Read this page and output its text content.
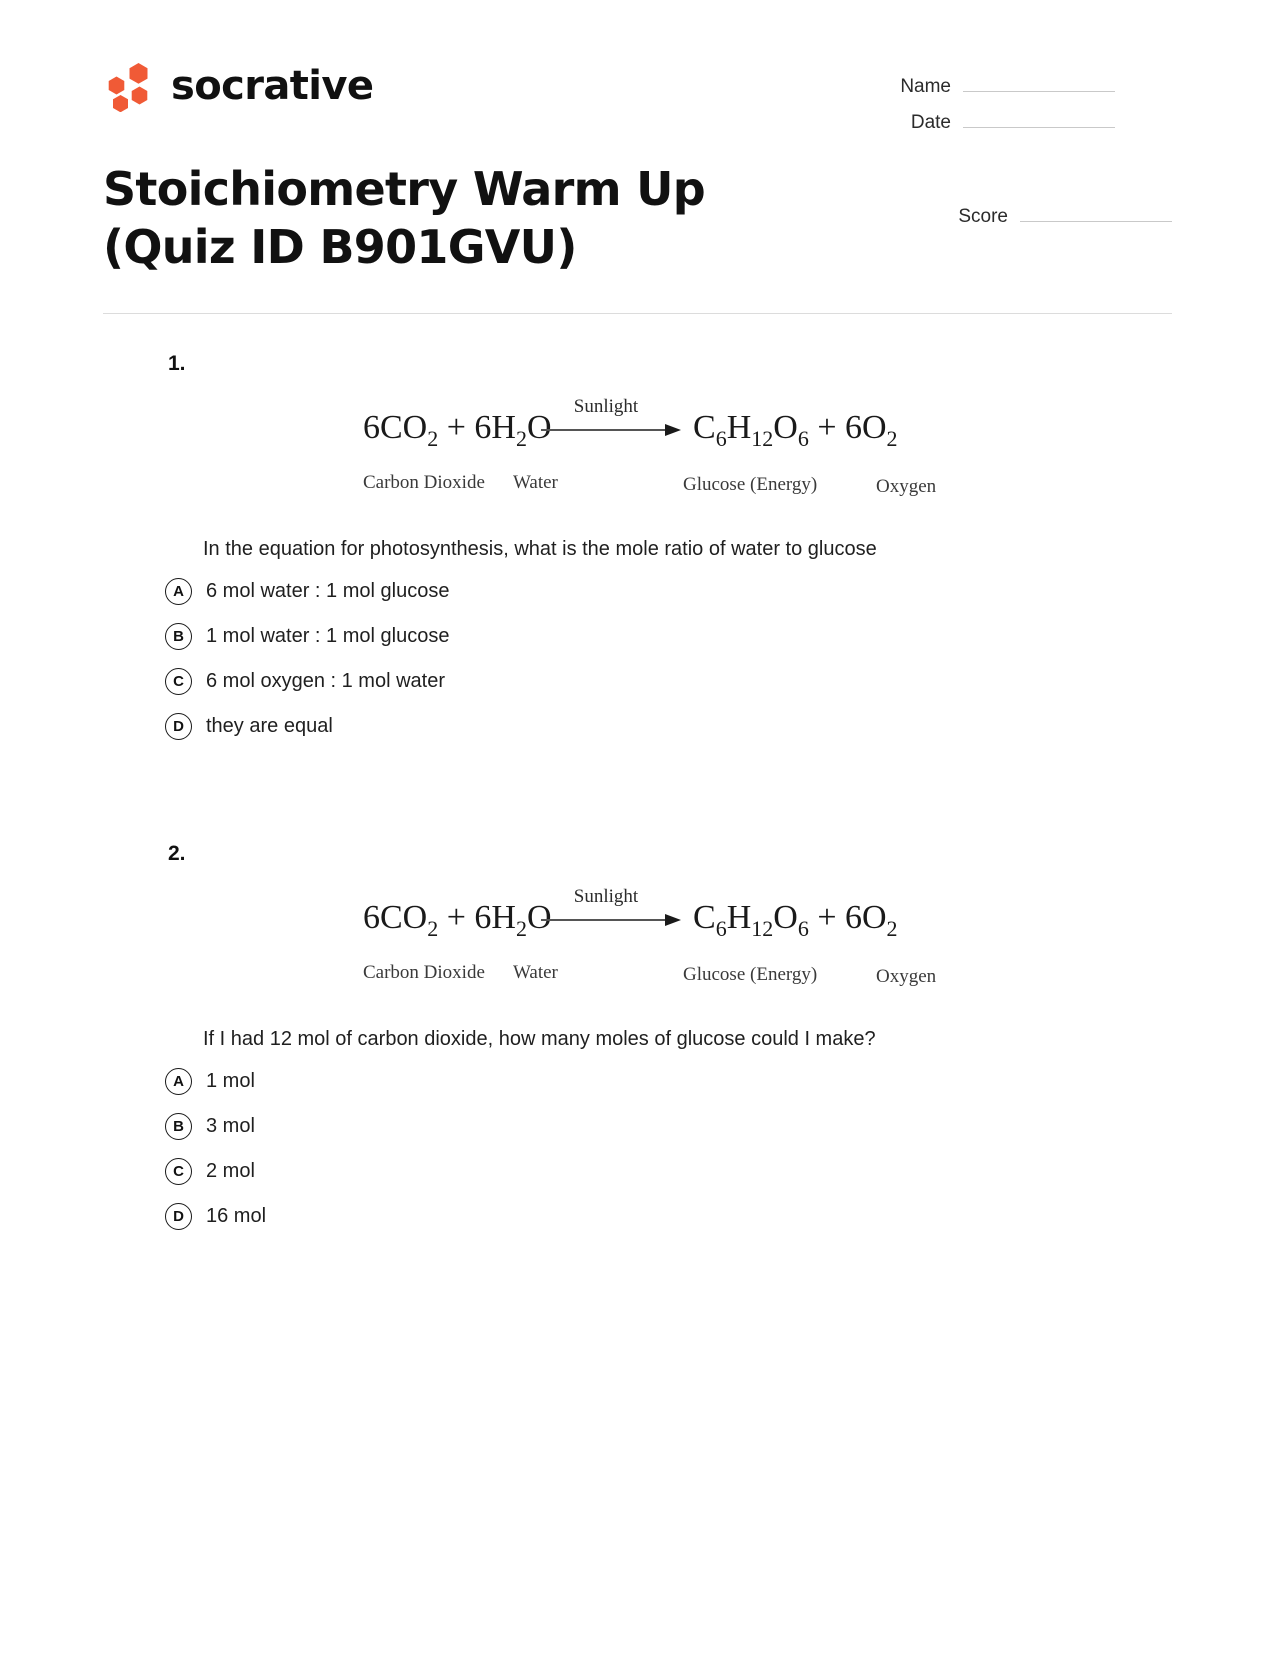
socrative	Name
Date
Stoichiometry Warm Up (Quiz ID B901GVU)
Score
1.
$6CO_2 + 6H_2O$
Sunlight
$C_6H_{12}O_6 + 6O_2$
Carbon Dioxide Water	Glucose (Energy)	Oxygen
In the equation for photosynthesis, what is the mole ratio of water to glucose
A	6 mol water : 1 mol glucose
B	1 mol water : 1 mol glucose
C	6 mol oxygen : 1 mol water
D	they are equal
2.
$6CO_2 + 6H_2O$
Sunlight
$C_6H_{12}O_6 + 6O_2$
Carbon Dioxide Water	Glucose (Energy)	Oxygen
If I had 12 mol of carbon dioxide, how many moles of glucose could I make?
A	1 mol
B	3 mol
C	2 mol
D	16 mol
